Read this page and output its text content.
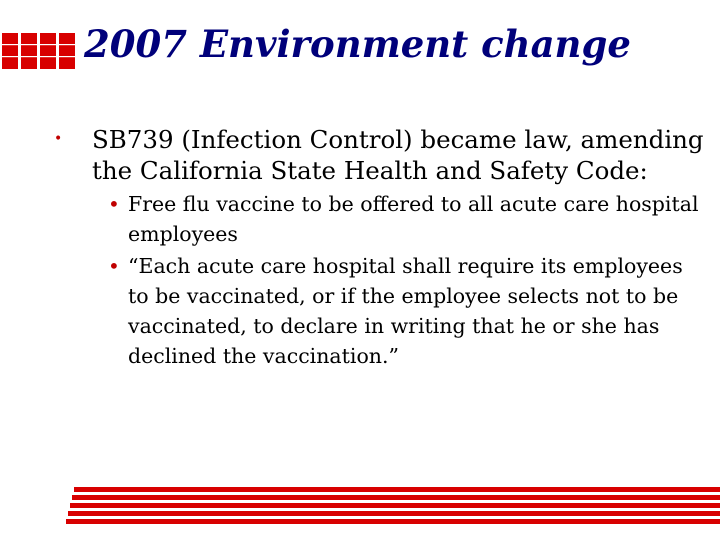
2007 Environment change
• SB739 (Infection Control) became law, amending the California State Health and Safety Code:
• Free flu vaccine to be offered to all acute care hospital employees
• “Each acute care hospital shall require its employees to be vaccinated, or if the employee selects not to be vaccinated, to declare in writing that he or she has declined the vaccination.”
